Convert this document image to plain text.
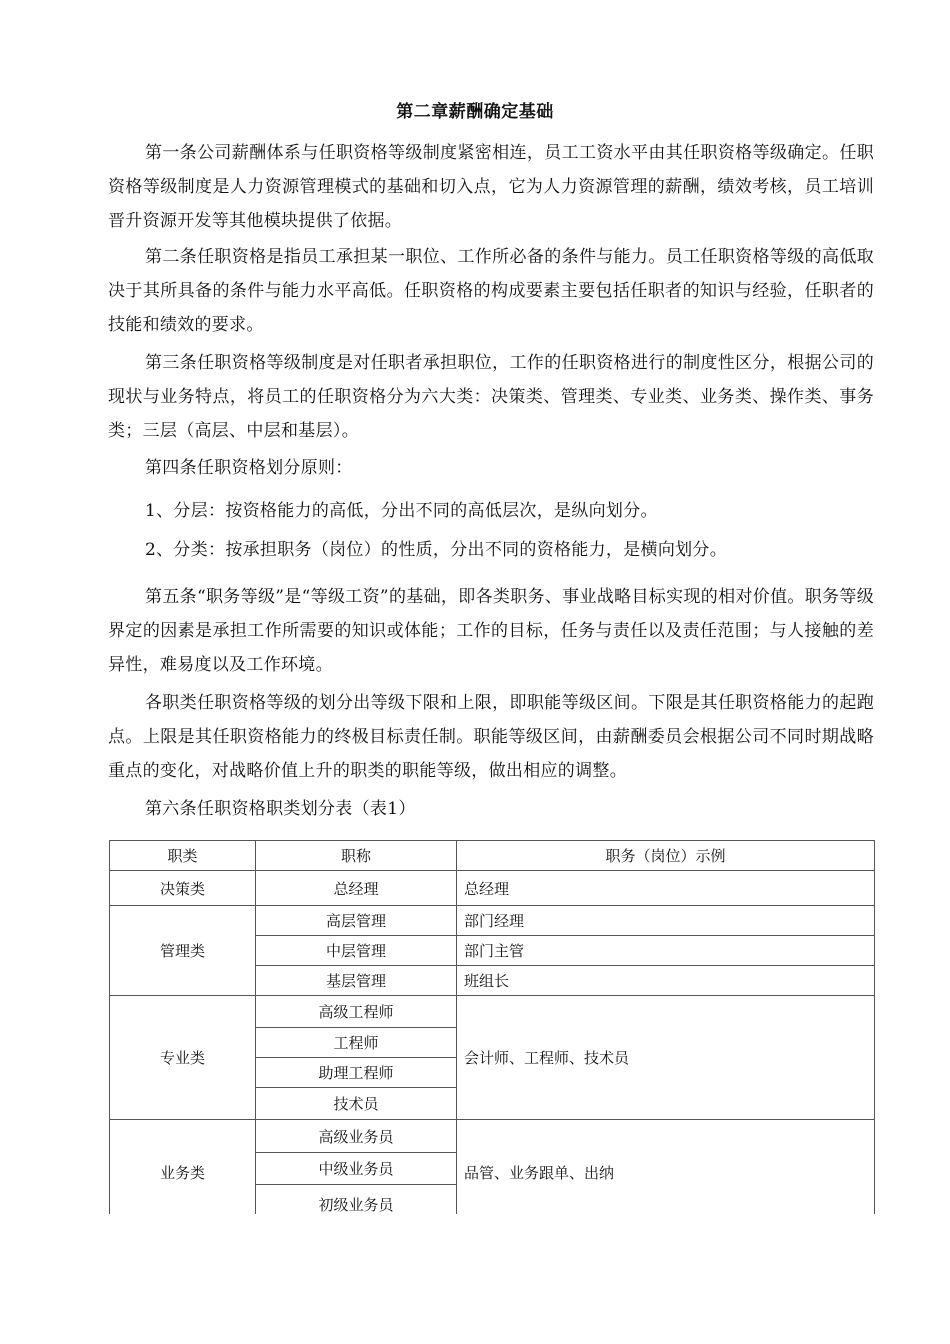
第二章薪酬确定基础

第一条公司薪酬体系与任职资格等级制度紧密相连，员工工资水平由其任职资格等级确定。任职资格等级制度是人力资源管理模式的基础和切入点，它为人力资源管理的薪酬，绩效考核，员工培训晋升资源开发等其他模块提供了依据。

第二条任职资格是指员工承担某一职位、工作所必备的条件与能力。员工任职资格等级的高低取决于其所具备的条件与能力水平高低。任职资格的构成要素主要包括任职者的知识与经验，任职者的技能和绩效的要求。

第三条任职资格等级制度是对任职者承担职位，工作的任职资格进行的制度性区分，根据公司的现状与业务特点，将员工的任职资格分为六大类：决策类、管理类、专业类、业务类、操作类、事务类；三层（高层、中层和基层）。

第四条任职资格划分原则：

1、分层：按资格能力的高低，分出不同的高低层次，是纵向划分。

2、分类：按承担职务（岗位）的性质，分出不同的资格能力，是横向划分。

第五条“职务等级”是“等级工资”的基础，即各类职务、事业战略目标实现的相对价值。职务等级界定的因素是承担工作所需要的知识或体能；工作的目标，任务与责任以及责任范围；与人接触的差异性，难易度以及工作环境。

各职类任职资格等级的划分出等级下限和上限，即职能等级区间。下限是其任职资格能力的起跑点。上限是其任职资格能力的终极目标责任制。职能等级区间，由薪酬委员会根据公司不同时期战略重点的变化，对战略价值上升的职类的职能等级，做出相应的调整。

第六条任职资格职类划分表（表1）

职类	职称	职务（岗位）示例
决策类	总经理	总经理
管理类	高层管理	部门经理
	中层管理	部门主管
	基层管理	班组长
专业类	高级工程师	会计师、工程师、技术员
	工程师	
	助理工程师	
	技术员	
业务类	高级业务员	品管、业务跟单、出纳
	中级业务员	
	初级业务员	
